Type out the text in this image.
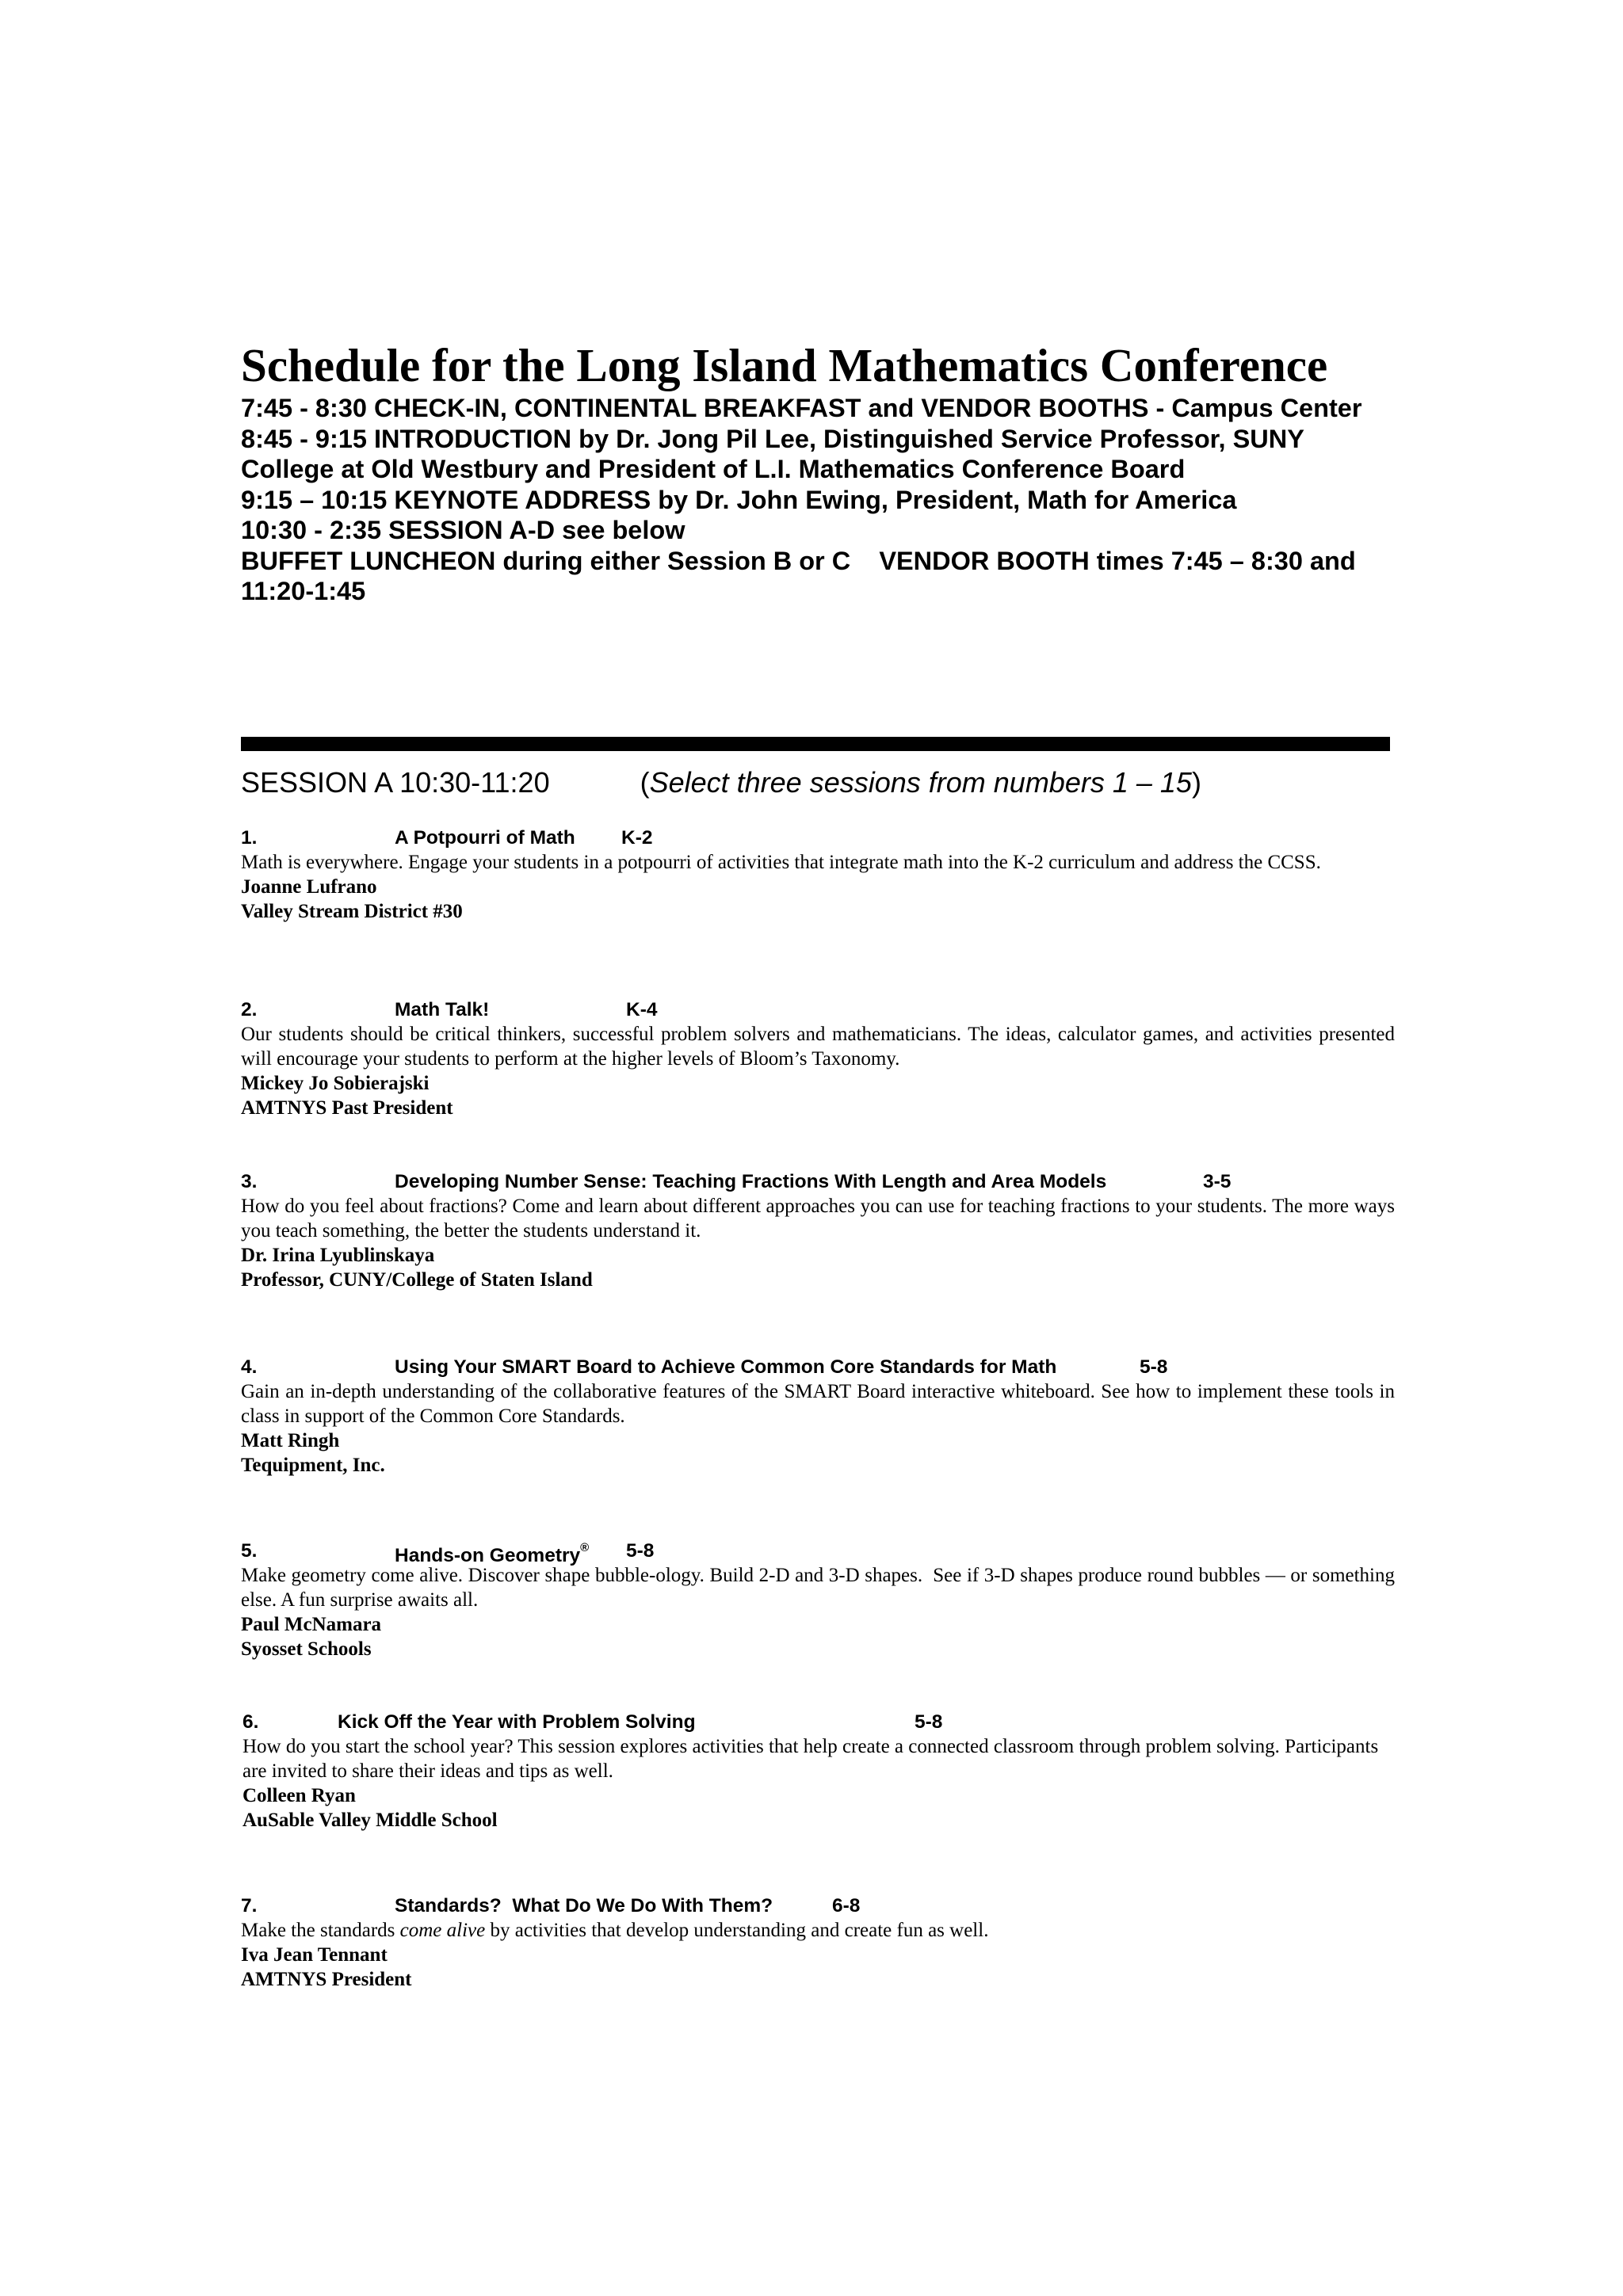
Schedule for the Long Island Mathematics Conference

7:45 - 8:30 CHECK-IN, CONTINENTAL BREAKFAST and VENDOR BOOTHS - Campus Center

8:45 - 9:15 INTRODUCTION by Dr. Jong Pil Lee, Distinguished Service Professor, SUNY College at Old Westbury and President of L.I. Mathematics Conference Board

9:15 – 10:15 KEYNOTE ADDRESS by Dr. John Ewing, President, Math for America

10:30 - 2:35 SESSION A-D see below

BUFFET LUNCHEON during either Session B or C    VENDOR BOOTH times 7:45 – 8:30 and 11:20-1:45

SESSION A 10:30-11:20	(Select three sessions from numbers 1 – 15)
1.	A Potpourri of Math K-2

Math is everywhere. Engage your students in a potpourri of activities that integrate math into the K-2 curriculum and address the CCSS.

Joanne Lufrano
Valley Stream District #30
2.	Math Talk!	K-4

Our students should be critical thinkers, successful problem solvers and mathematicians. The ideas, calculator games, and activities presented will encourage your students to perform at the higher levels of Bloom’s Taxonomy.

Mickey Jo Sobierajski
AMTNYS Past President
3.	Developing Number Sense: Teaching Fractions With Length and Area Models	3-5

How do you feel about fractions? Come and learn about different approaches you can use for teaching fractions to your students. The more ways you teach something, the better the students understand it.

Dr. Irina Lyublinskaya
Professor, CUNY/College of Staten Island
4.	Using Your SMART Board to Achieve Common Core Standards for Math	5-8

Gain an in-depth understanding of the collaborative features of the SMART Board interactive whiteboard. See how to implement these tools in class in support of the Common Core Standards.

Matt Ringh
Tequipment, Inc.
5.	Hands-on Geometry® 5-8

Make geometry come alive. Discover shape bubble-ology. Build 2-D and 3-D shapes.  See if 3-D shapes produce round bubbles — or something else. A fun surprise awaits all.

Paul McNamara
Syosset Schools
6.	Kick Off the Year with Problem Solving	5-8

How do you start the school year? This session explores activities that help create a connected classroom through problem solving. Participants are invited to share their ideas and tips as well.

Colleen Ryan
AuSable Valley Middle School
7.	Standards?  What Do We Do With Them?	6-8

Make the standards come alive by activities that develop understanding and create fun as well.

Iva Jean Tennant
AMTNYS President
